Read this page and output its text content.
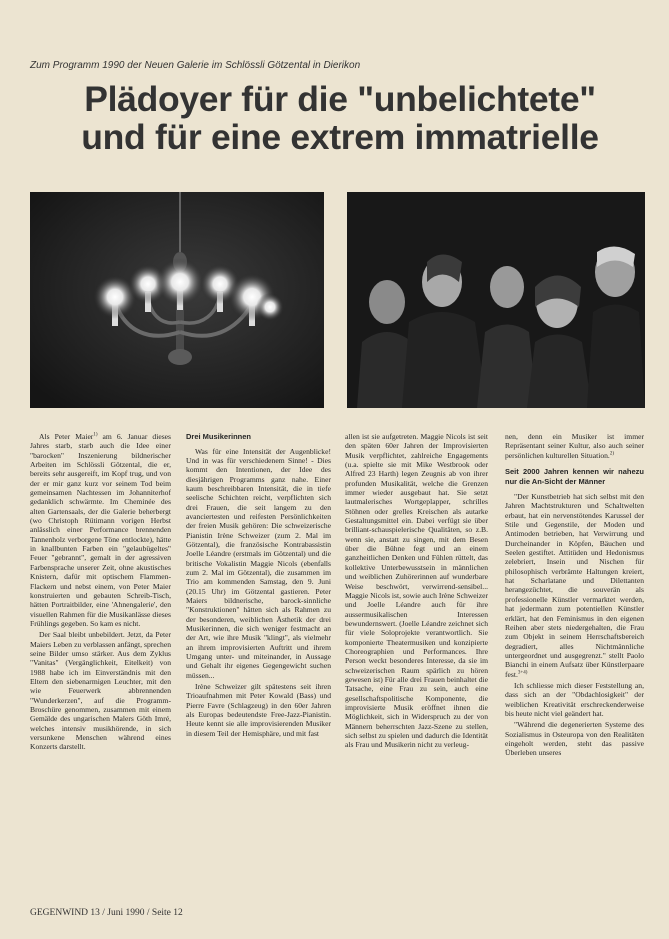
Zum Programm 1990 der Neuen Galerie im Schlössli Götzental in Dierikon
Plädoyer für die "unbelichtete"
und für eine extrem immatrielle

Als Peter Maier$^{1)}$ am 6. Januar dieses Jahres starb, starb auch die Idee einer "barocken" Inszenierung bildnerischer Arbeiten im Schlössli Götzental, die er, bereits sehr ausgereift, im Kopf trug, und von der er mir ganz kurz vor seinem Tod beim gemeinsamen Nachtessen im Johanniterhof gedanklich schwärmte. Im Cheminée des alten Gartensaals, der die Galerie beherbergt (wo Christoph Rütimann vorigen Herbst anlässlich einer Performance brennenden Tannenholz verborgene Töne entlockte), hätte in knallbunten Farben ein "gelaubügeltes" Feuer "gebrannt", gemalt in der agressiven Farbensprache unserer Zeit, ohne akustisches Knistern, dafür mit optischem Flammen-Flackern und nebst einem, von Peter Maier konstruierten und gebauten Schreib-Tisch, hätten Portraitbilder, eine 'Ahnengalerie', den visuellen Rahmen für die Musikanlässe dieses Frühlings gegeben. So kam es nicht.

Der Saal bleibt unbebildert. Jetzt, da Peter Maiers Leben zu verblassen anfängt, sprechen seine Bilder umso stärker. Aus dem Zyklus "Vanitas" (Vergänglichkeit, Eitelkeit) von 1988 habe ich im Einverständnis mit den Eltern den siebenarmigen Leuchter, mit den wie Feuerwerk abbrennenden "Wunderkerzen", auf die Programm-Broschüre genommen, zusammen mit einem Gemälde des ungarischen Malers Göth Imré, welches intensiv musikhörende, in sich versunkene Menschen während eines Konzerts darstellt.

Drei Musikerinnen

Was für eine Intensität der Augenblicke! Und in was für verschiedenem Sinne! - Dies kommt den Intentionen, der Idee des diesjährigen Programms ganz nahe. Einer kaum beschreibbaren Intensität, die in tiefe seelische Schichten reicht, verpflichten sich drei Frauen, die seit langem zu den avanciertesten und reifesten Persönlichkeiten der freien Musik gehören: Die schweizerische Pianistin Irène Schweizer (zum 2. Mal im Götzental), die französische Kontrabassistin Joelle Léandre (erstmals im Götzental) und die britische Vokalistin Maggie Nicols (ebenfalls zum 2. Mal im Götzental), die zusammen im Trio am kommenden Samstag, den 9. Juni (20.15 Uhr) im Götzental gastieren. Peter Maiers bildnerische, barock-sinnliche "Konstruktionen" hätten sich als Rahmen zu der besonderen, weiblichen Ästhetik der drei Musikerinnen, die sich weniger festmacht an der Art, wie ihre Musik "klingt", als vielmehr an ihrem improvisierten Auftritt und ihrem Umgang unter- und miteinander, in Aussage und Gehalt ihr eigenes Gegengewicht suchen müssen...

Irène Schweizer gilt spätestens seit ihren Trioaufnahmen mit Peter Kowald (Bass) und Pierre Favre (Schlagzeug) in den 60er Jahren als Europas bedeutendste Free-Jazz-Pianistin. Heute kennt sie alle improvisierenden Musiker in diesem Teil der Hemisphäre, und mit fast

allen ist sie aufgetreten. Maggie Nicols ist seit den späten 60er Jahren der Improvisierten Musik verpflichtet, zahlreiche Engagements (u.a. spielte sie mit Mike Westbrook oder Alfred 23 Harth) legen Zeugnis ab von ihrer profunden Musikalität, welche die Grenzen immer wieder ausgebaut hat. Sie setzt lautmalerisches Wortgeplapper, schrilles Stöhnen oder grelles Kreischen als autarke Gestaltungsmittel ein. Dabei verfügt sie über brilliant-schauspielerische Qualitäten, so z.B. wenn sie, anstatt zu singen, mit dem Besen über die Bühne fegt und an einem ganzheitlichen Denken und Fühlen rüttelt, das kollektive Unterbewusstsein in männlichen und weiblichen Zuhörerinnen auf wunderbare Weise beschwört, verwirrend-sensibel... Maggie Nicols ist, sowie auch Irène Schweizer und Joelle Léandre auch für ihre aussermusikalischen Interessen bewundernswert. (Joelle Léandre zeichnet sich für viele Soloprojekte verantwortlich. Sie komponierte Theatermusiken und konzipierte Choreographien und Performances. Ihre Person weckt besonderes Interesse, da sie im schweizerischen Raum spärlich zu hören gewesen ist) Für alle drei Frauen beinhaltet die Tatsache, eine Frau zu sein, auch eine gesellschaftspolitische Komponente, die improvisierte Musik eröffnet ihnen die Möglichkeit, sich in Widerspruch zu der von Männern beherrschten Jazz-Szene zu stellen, sich selbst zu spielen und dadurch die Identität als Frau und Musikerin nicht zu verleug-

nen, denn ein Musiker ist immer Repräsentant seiner Kultur, also auch seiner persönlichen kulturellen Situation.$^{2)}$

Seit 2000 Jahren kennen wir nahezu nur die An-Sicht der Männer

"Der Kunstbetrieb hat sich selbst mit den Jahren Machtstrukturen und Schaltwelten erbaut, hat ein nervenstötendes Karussel der Stile und Gegenstile, der Moden und Antimoden betrieben, hat Verwirrung und Durcheinander in Köpfen, Bäuchen und Seelen gestiftet. Attitüden und Hedonismus zelebriert, Insein und Nischen für philosophisch verbrämte Haltungen kreiert, hat Scharlatane und Dilettanten herangezüchtet, die souverän als professionelle Künstler vermarktet werden, hat jedermann zum potentiellen Künstler erklärt, hat den Feminismus in den eigenen Reihen aber stets niedergehalten, die Frau zum Objekt in seinem Herrschaftsbereich degradiert, alles Nichtmännliche untergeordnet und ausgegrenzt." stellt Paolo Bianchi in einem Aufsatz über Künstlerpaare fest.$^{3+4)}$

Ich schliesse mich dieser Feststellung an, dass sich an der "Obdachlosigkeit" der weiblichen Kreativität erschreckenderweise bis heute nicht viel geändert hat.

"Während die degenerierten Systeme des Sozialismus in Osteuropa von den Realitäten eingeholt werden, steht das passive Überleben unseres

GEGENWIND 13 / Juni 1990 / Seite 12
